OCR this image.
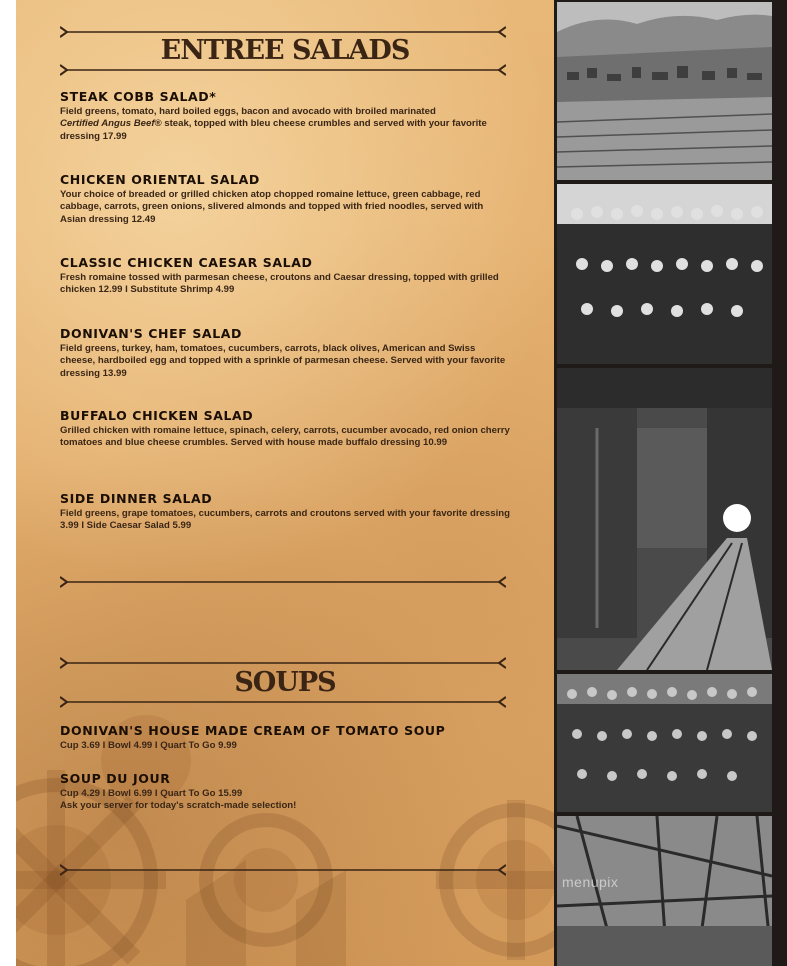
ENTREE SALADS
STEAK COBB SALAD*
Field greens, tomato, hard boiled eggs, bacon and avocado with broiled marinated
Certified Angus Beef® steak, topped with bleu cheese crumbles and served with your favorite dressing 17.99
CHICKEN ORIENTAL SALAD
Your choice of breaded or grilled chicken atop chopped romaine lettuce, green cabbage, red cabbage, carrots, green onions, slivered almonds and topped with fried noodles, served with Asian dressing 12.49
CLASSIC CHICKEN CAESAR SALAD
Fresh romaine tossed with parmesan cheese, croutons and Caesar dressing, topped with grilled chicken 12.99 I Substitute Shrimp 4.99
DONIVAN'S CHEF SALAD
Field greens, turkey, ham, tomatoes, cucumbers, carrots, black olives, American and Swiss cheese, hardboiled egg and topped with a sprinkle of parmesan cheese. Served with your favorite dressing 13.99
BUFFALO CHICKEN SALAD
Grilled chicken with romaine lettuce, spinach, celery, carrots, cucumber avocado, red onion cherry tomatoes and blue cheese crumbles. Served with house made buffalo dressing 10.99
SIDE DINNER SALAD
Field greens, grape tomatoes, cucumbers, carrots and croutons served with your favorite dressing 3.99 I Side Caesar Salad 5.99
SOUPS
DONIVAN'S HOUSE MADE CREAM OF TOMATO SOUP
Cup 3.69 I Bowl 4.99 I Quart To Go 9.99
SOUP DU JOUR
Cup 4.29 I Bowl 6.99 I Quart To Go 15.99
Ask your server for today's scratch-made selection!
menupix
